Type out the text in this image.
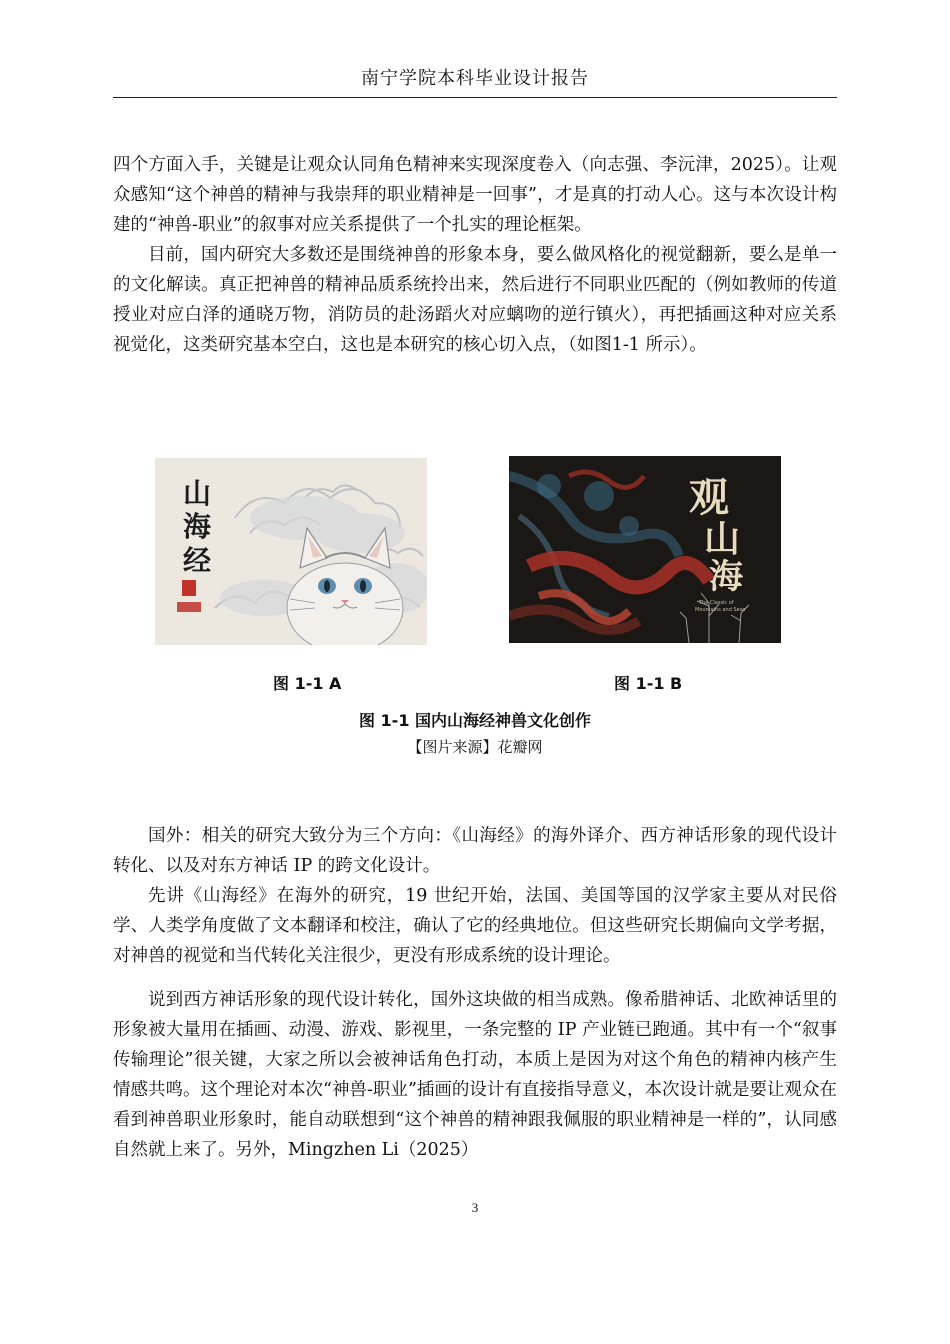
南宁学院本科毕业设计报告

四个方面入手，关键是让观众认同角色精神来实现深度卷入（向志强、李沅津，2025）。让观众感知“这个神兽的精神与我崇拜的职业精神是一回事”，才是真的打动人心。这与本次设计构建的“神兽-职业”的叙事对应关系提供了一个扎实的理论框架。

目前，国内研究大多数还是围绕神兽的形象本身，要么做风格化的视觉翻新，要么是单一的文化解读。真正把神兽的精神品质系统拎出来，然后进行不同职业匹配的（例如教师的传道授业对应白泽的通晓万物，消防员的赴汤蹈火对应螭吻的逆行镇火），再把插画这种对应关系视觉化，这类研究基本空白，这也是本研究的核心切入点，（如图1-1 所示）。

山
海
经
观
山
海
The Classic of
Mountains and Seas
图 1-1 A	图 1-1 B
图 1-1 国内山海经神兽文化创作
【图片来源】花瓣网

国外：相关的研究大致分为三个方向：《山海经》的海外译介、西方神话形象的现代设计转化、以及对东方神话 IP 的跨文化设计。

先讲《山海经》在海外的研究，19 世纪开始，法国、美国等国的汉学家主要从对民俗学、人类学角度做了文本翻译和校注，确认了它的经典地位。但这些研究长期偏向文学考据，对神兽的视觉和当代转化关注很少，更没有形成系统的设计理论。

说到西方神话形象的现代设计转化，国外这块做的相当成熟。像希腊神话、北欧神话里的形象被大量用在插画、动漫、游戏、影视里，一条完整的 IP 产业链已跑通。其中有一个“叙事传输理论”很关键，大家之所以会被神话角色打动，本质上是因为对这个角色的精神内核产生情感共鸣。这个理论对本次“神兽-职业”插画的设计有直接指导意义，本次设计就是要让观众在看到神兽职业形象时，能自动联想到“这个神兽的精神跟我佩服的职业精神是一样的”，认同感自然就上来了。另外，Mingzhen Li（2025）

3
